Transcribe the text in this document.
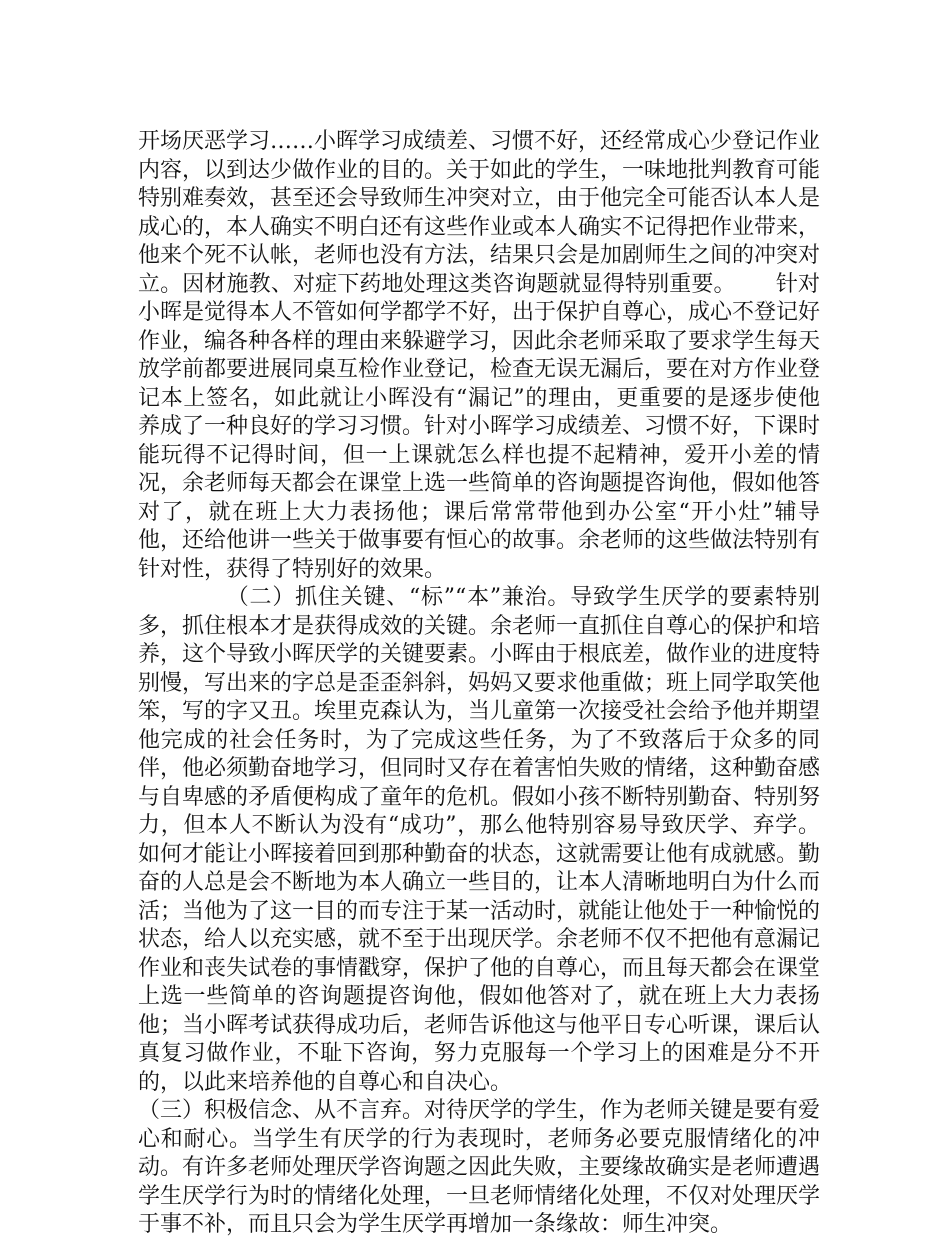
开场厌恶学习……小晖学习成绩差、习惯不好，还经常成心少登记作业内容，以到达少做作业的目的。关于如此的学生，一味地批判教育可能特别难奏效，甚至还会导致师生冲突对立，由于他完全可能否认本人是成心的，本人确实不明白还有这些作业或本人确实不记得把作业带来，他来个死不认帐，老师也没有方法，结果只会是加剧师生之间的冲突对立。因材施教、对症下药地处理这类咨询题就显得特别重要。 针对小晖是觉得本人不管如何学都学不好，出于保护自尊心，成心不登记好作业，编各种各样的理由来躲避学习，因此余老师采取了要求学生每天放学前都要进展同桌互检作业登记，检查无误无漏后，要在对方作业登记本上签名，如此就让小晖没有“漏记”的理由，更重要的是逐步使他养成了一种良好的学习习惯。针对小晖学习成绩差、习惯不好，下课时能玩得不记得时间，但一上课就怎么样也提不起精神，爱开小差的情况，余老师每天都会在课堂上选一些简单的咨询题提咨询他，假如他答对了，就在班上大力表扬他；课后常常带他到办公室“开小灶”辅导他，还给他讲一些关于做事要有恒心的故事。余老师的这些做法特别有针对性，获得了特别好的效果。

（二）抓住关键、“标”“本”兼治。导致学生厌学的要素特别多，抓住根本才是获得成效的关键。余老师一直抓住自尊心的保护和培养，这个导致小晖厌学的关键要素。小晖由于根底差，做作业的进度特别慢，写出来的字总是歪歪斜斜，妈妈又要求他重做；班上同学取笑他笨，写的字又丑。埃里克森认为，当儿童第一次接受社会给予他并期望他完成的社会任务时，为了完成这些任务，为了不致落后于众多的同伴，他必须勤奋地学习，但同时又存在着害怕失败的情绪，这种勤奋感与自卑感的矛盾便构成了童年的危机。假如小孩不断特别勤奋、特别努力，但本人不断认为没有“成功”，那么他特别容易导致厌学、弃学。如何才能让小晖接着回到那种勤奋的状态，这就需要让他有成就感。勤奋的人总是会不断地为本人确立一些目的，让本人清晰地明白为什么而活；当他为了这一目的而专注于某一活动时，就能让他处于一种愉悦的状态，给人以充实感，就不至于出现厌学。余老师不仅不把他有意漏记作业和丧失试卷的事情戳穿，保护了他的自尊心，而且每天都会在课堂上选一些简单的咨询题提咨询他，假如他答对了，就在班上大力表扬他；当小晖考试获得成功后，老师告诉他这与他平日专心听课，课后认真复习做作业，不耻下咨询，努力克服每一个学习上的困难是分不开的，以此来培养他的自尊心和自决心。

（三）积极信念、从不言弃。对待厌学的学生，作为老师关键是要有爱心和耐心。当学生有厌学的行为表现时，老师务必要克服情绪化的冲动。有许多老师处理厌学咨询题之因此失败，主要缘故确实是老师遭遇学生厌学行为时的情绪化处理，一旦老师情绪化处理，不仅对处理厌学于事不补，而且只会为学生厌学再增加一条缘故：师生冲突。
